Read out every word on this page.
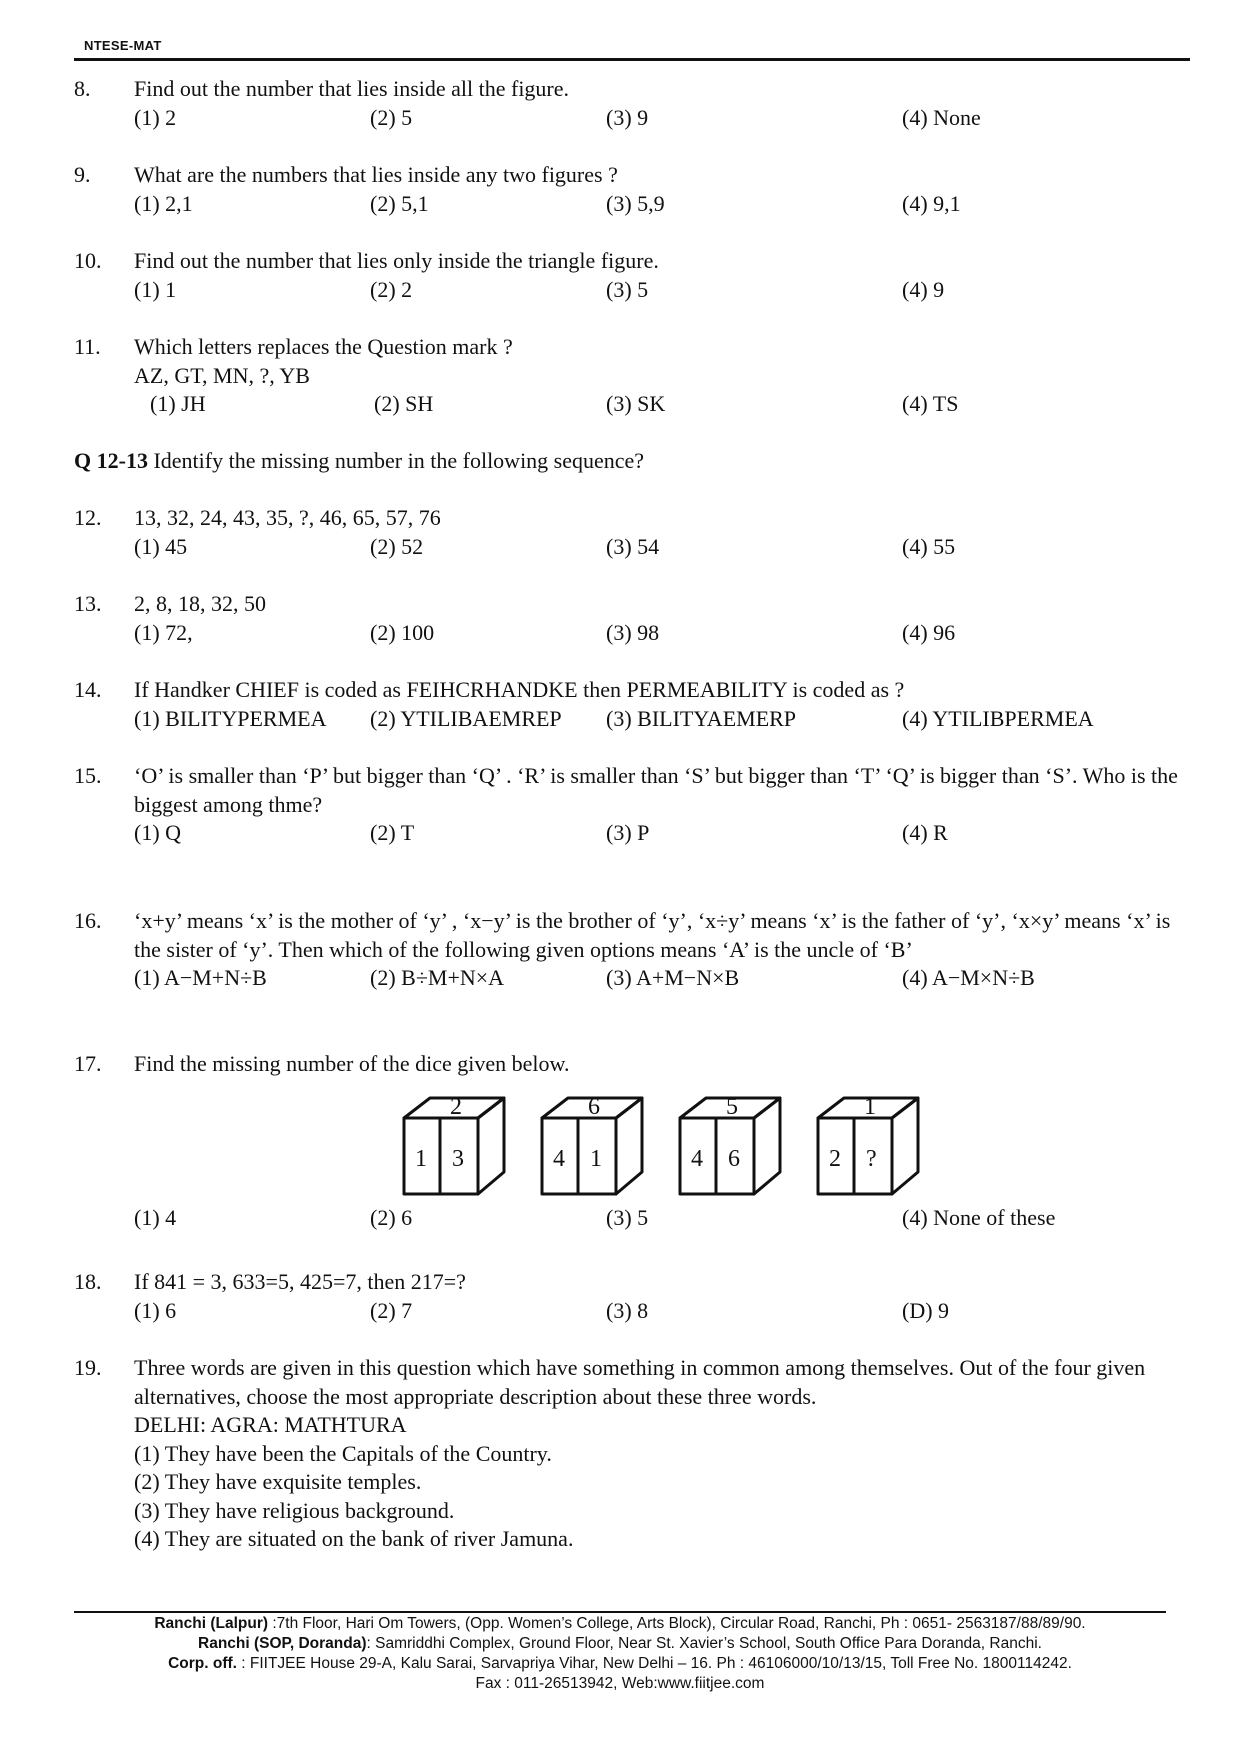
NTESE-MAT
8.	Find out the number that lies inside all the figure.
(1) 2	(2) 5	(3) 9	(4) None
9.	What are the numbers that lies inside any two figures ?
(1) 2,1	(2) 5,1	(3) 5,9	(4) 9,1
10.	Find out the number that lies only inside the triangle figure.
(1) 1	(2) 2	(3) 5	(4) 9
11.	Which letters replaces the Question mark ?
AZ, GT, MN, ?, YB
(1) JH	(2) SH	(3) SK	(4) TS
Q 12-13 Identify the missing number in the following sequence?
12.	13, 32, 24, 43, 35, ?, 46, 65, 57, 76
(1) 45	(2) 52	(3) 54	(4) 55
13.	2, 8, 18, 32, 50
(1) 72,	(2) 100	(3) 98	(4) 96
14.	If Handker CHIEF is coded as FEIHCRHANDKE then PERMEABILITY is coded as ?
(1) BILITYPERMEA (2) YTILIBAEMREP (3) BILITYAEMERP	(4) YTILIBPERMEA
15.	‘O’ is smaller than ‘P’ but bigger than ‘Q’ . ‘R’ is smaller than ‘S’ but bigger than ‘T’ ‘Q’ is bigger than ‘S’. Who is the biggest among thme?
(1) Q	(2) T	(3) P	(4) R
16.	‘x+y’ means ‘x’ is the mother of ‘y’ , ‘x−y’ is the brother of ‘y’, ‘x÷y’ means ‘x’ is the father of ‘y’, ‘x×y’ means ‘x’ is the sister of ‘y’. Then which of the following given options means ‘A’ is the uncle of ‘B’
(1) A−M+N÷B	(2) B÷M+N×A	(3) A+M−N×B	(4) A−M×N÷B
17.	Find the missing number of the dice given below.
2
1 3
6
4 1
5
4 6
1
2 ?
(1) 4	(2) 6	(3) 5	(4) None of these
18.	If 841 = 3, 633=5, 425=7, then 217=?
(1) 6	(2) 7	(3) 8	(D) 9
19.	Three words are given in this question which have something in common among themselves. Out of the four given alternatives, choose the most appropriate description about these three words.
DELHI: AGRA: MATHTURA
(1) They have been the Capitals of the Country.
(2) They have exquisite temples.
(3) They have religious background.
(4) They are situated on the bank of river Jamuna.
Ranchi (Lalpur) :7th Floor, Hari Om Towers, (Opp. Women’s College, Arts Block), Circular Road, Ranchi, Ph : 0651- 2563187/88/89/90.
Ranchi (SOP, Doranda): Samriddhi Complex, Ground Floor, Near St. Xavier’s School, South Office Para Doranda, Ranchi.
Corp. off. : FIITJEE House 29-A, Kalu Sarai, Sarvapriya Vihar, New Delhi – 16. Ph : 46106000/10/13/15, Toll Free No. 1800114242.
Fax : 011-26513942, Web:www.fiitjee.com
